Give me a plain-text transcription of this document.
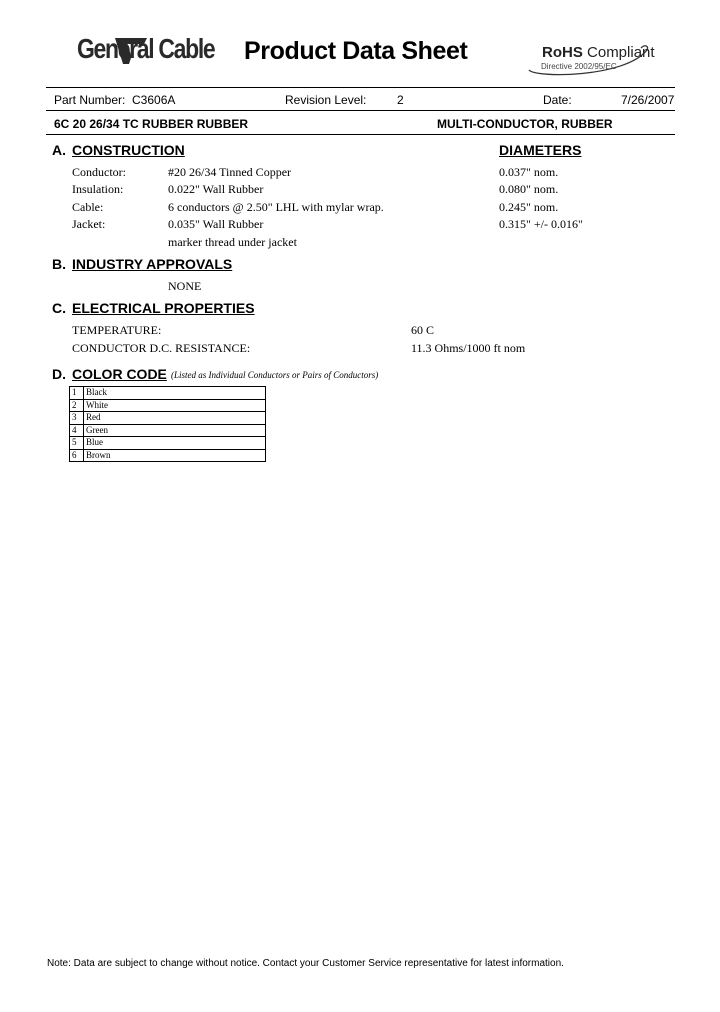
General Cable Product Data Sheet	RoHS Compliant
Directive 2002/95/EC
Part Number: C3606A	Revision Level:	2	Date:	7/26/2007
6C 20 26/34 TC RUBBER RUBBER	MULTI-CONDUCTOR, RUBBER
A. CONSTRUCTION	DIAMETERS
Conductor:	#20 26/34 Tinned Copper	0.037" nom.
Insulation:	0.022" Wall Rubber	0.080" nom.
Cable:	6 conductors @ 2.50" LHL with mylar wrap.	0.245" nom.
Jacket:	0.035" Wall Rubber	0.315" +/- 0.016"
marker thread under jacket
B. INDUSTRY APPROVALS
NONE
C. ELECTRICAL PROPERTIES
TEMPERATURE:	60 C
CONDUCTOR D.C. RESISTANCE:	11.3 Ohms/1000 ft nom
D. COLOR CODE (Listed as Individual Conductors or Pairs of Conductors)
1	Black
2	White
3	Red
4	Green
5	Blue
6	Brown
Note: Data are subject to change without notice. Contact your Customer Service representative for latest information.
